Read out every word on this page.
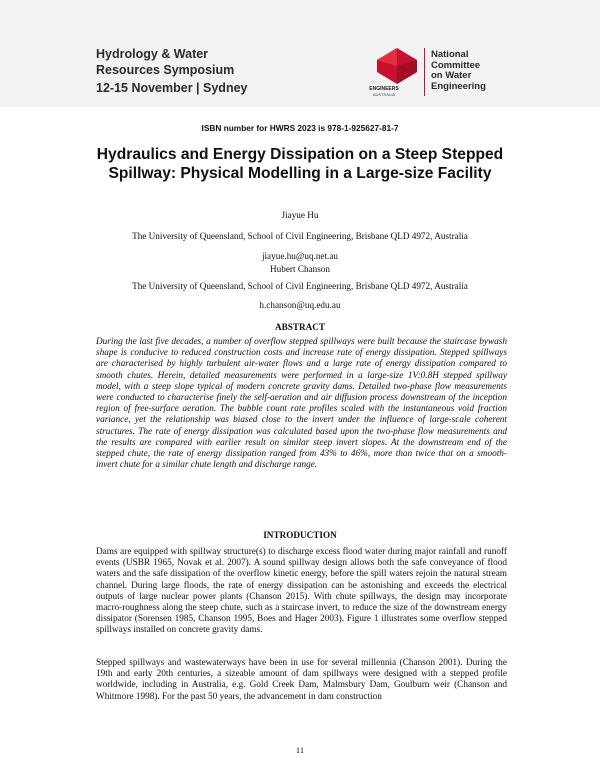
Hydrology & Water
Resources Symposium
12-15 November | Sydney	ENGINEERS
AUSTRALIA
National
Committee
on Water
Engineering
ISBN number for HWRS 2023 is 978-1-925627-81-7
Hydraulics and Energy Dissipation on a Steep Stepped Spillway: Physical Modelling in a Large-size Facility
Jiayue Hu
The University of Queensland, School of Civil Engineering, Brisbane QLD 4972, Australia
jiayue.hu@uq.net.au
Hubert Chanson
The University of Queensland, School of Civil Engineering, Brisbane QLD 4972, Australia
h.chanson@uq.edu.au
ABSTRACT
During the last five decades, a number of overflow stepped spillways were built because the staircase bywash shape is conducive to reduced construction costs and increase rate of energy dissipation. Stepped spillways are characterised by highly turbulent air-water flows and a large rate of energy dissipation compared to smooth chutes. Herein, detailed measurements were performed in a large-size 1V:0.8H stepped spillway model, with a steep slope typical of modern concrete gravity dams. Detailed two-phase flow measurements were conducted to characterise finely the self-aeration and air diffusion process downstream of the inception region of free-surface aeration. The bubble count rate profiles scaled with the instantaneous void fraction variance, yet the relationship was biased close to the invert under the influence of large-scale coherent structures. The rate of energy dissipation was calculated based upon the two-phase flow measurements and the results are compared with earlier result on similar steep invert slopes. At the downstream end of the stepped chute, the rate of energy dissipation ranged from 43% to 46%, more than twice that on a smooth-invert chute for a similar chute length and discharge range.
INTRODUCTION

Dams are equipped with spillway structure(s) to discharge excess flood water during major rainfall and runoff events (USBR 1965, Novak et al. 2007). A sound spillway design allows both the safe conveyance of flood waters and the safe dissipation of the overflow kinetic energy, before the spill waters rejoin the natural stream channel. During large floods, the rate of energy dissipation can be astonishing and exceeds the electrical outputs of large nuclear power plants (Chanson 2015). With chute spillways, the design may incorporate macro-roughness along the steep chute, such as a staircase invert, to reduce the size of the downstream energy dissipator (Sorensen 1985, Chanson 1995, Boes and Hager 2003). Figure 1 illustrates some overflow stepped spillways installed on concrete gravity dams.

Stepped spillways and wastewaterways have been in use for several millennia (Chanson 2001). During the 19th and early 20th centuries, a sizeable amount of dam spillways were designed with a stepped profile worldwide, including in Australia, e.g. Gold Creek Dam, Malmsbury Dam, Goulburn weir (Chanson and Whitmore 1998). For the past 50 years, the advancement in dam construction

11
